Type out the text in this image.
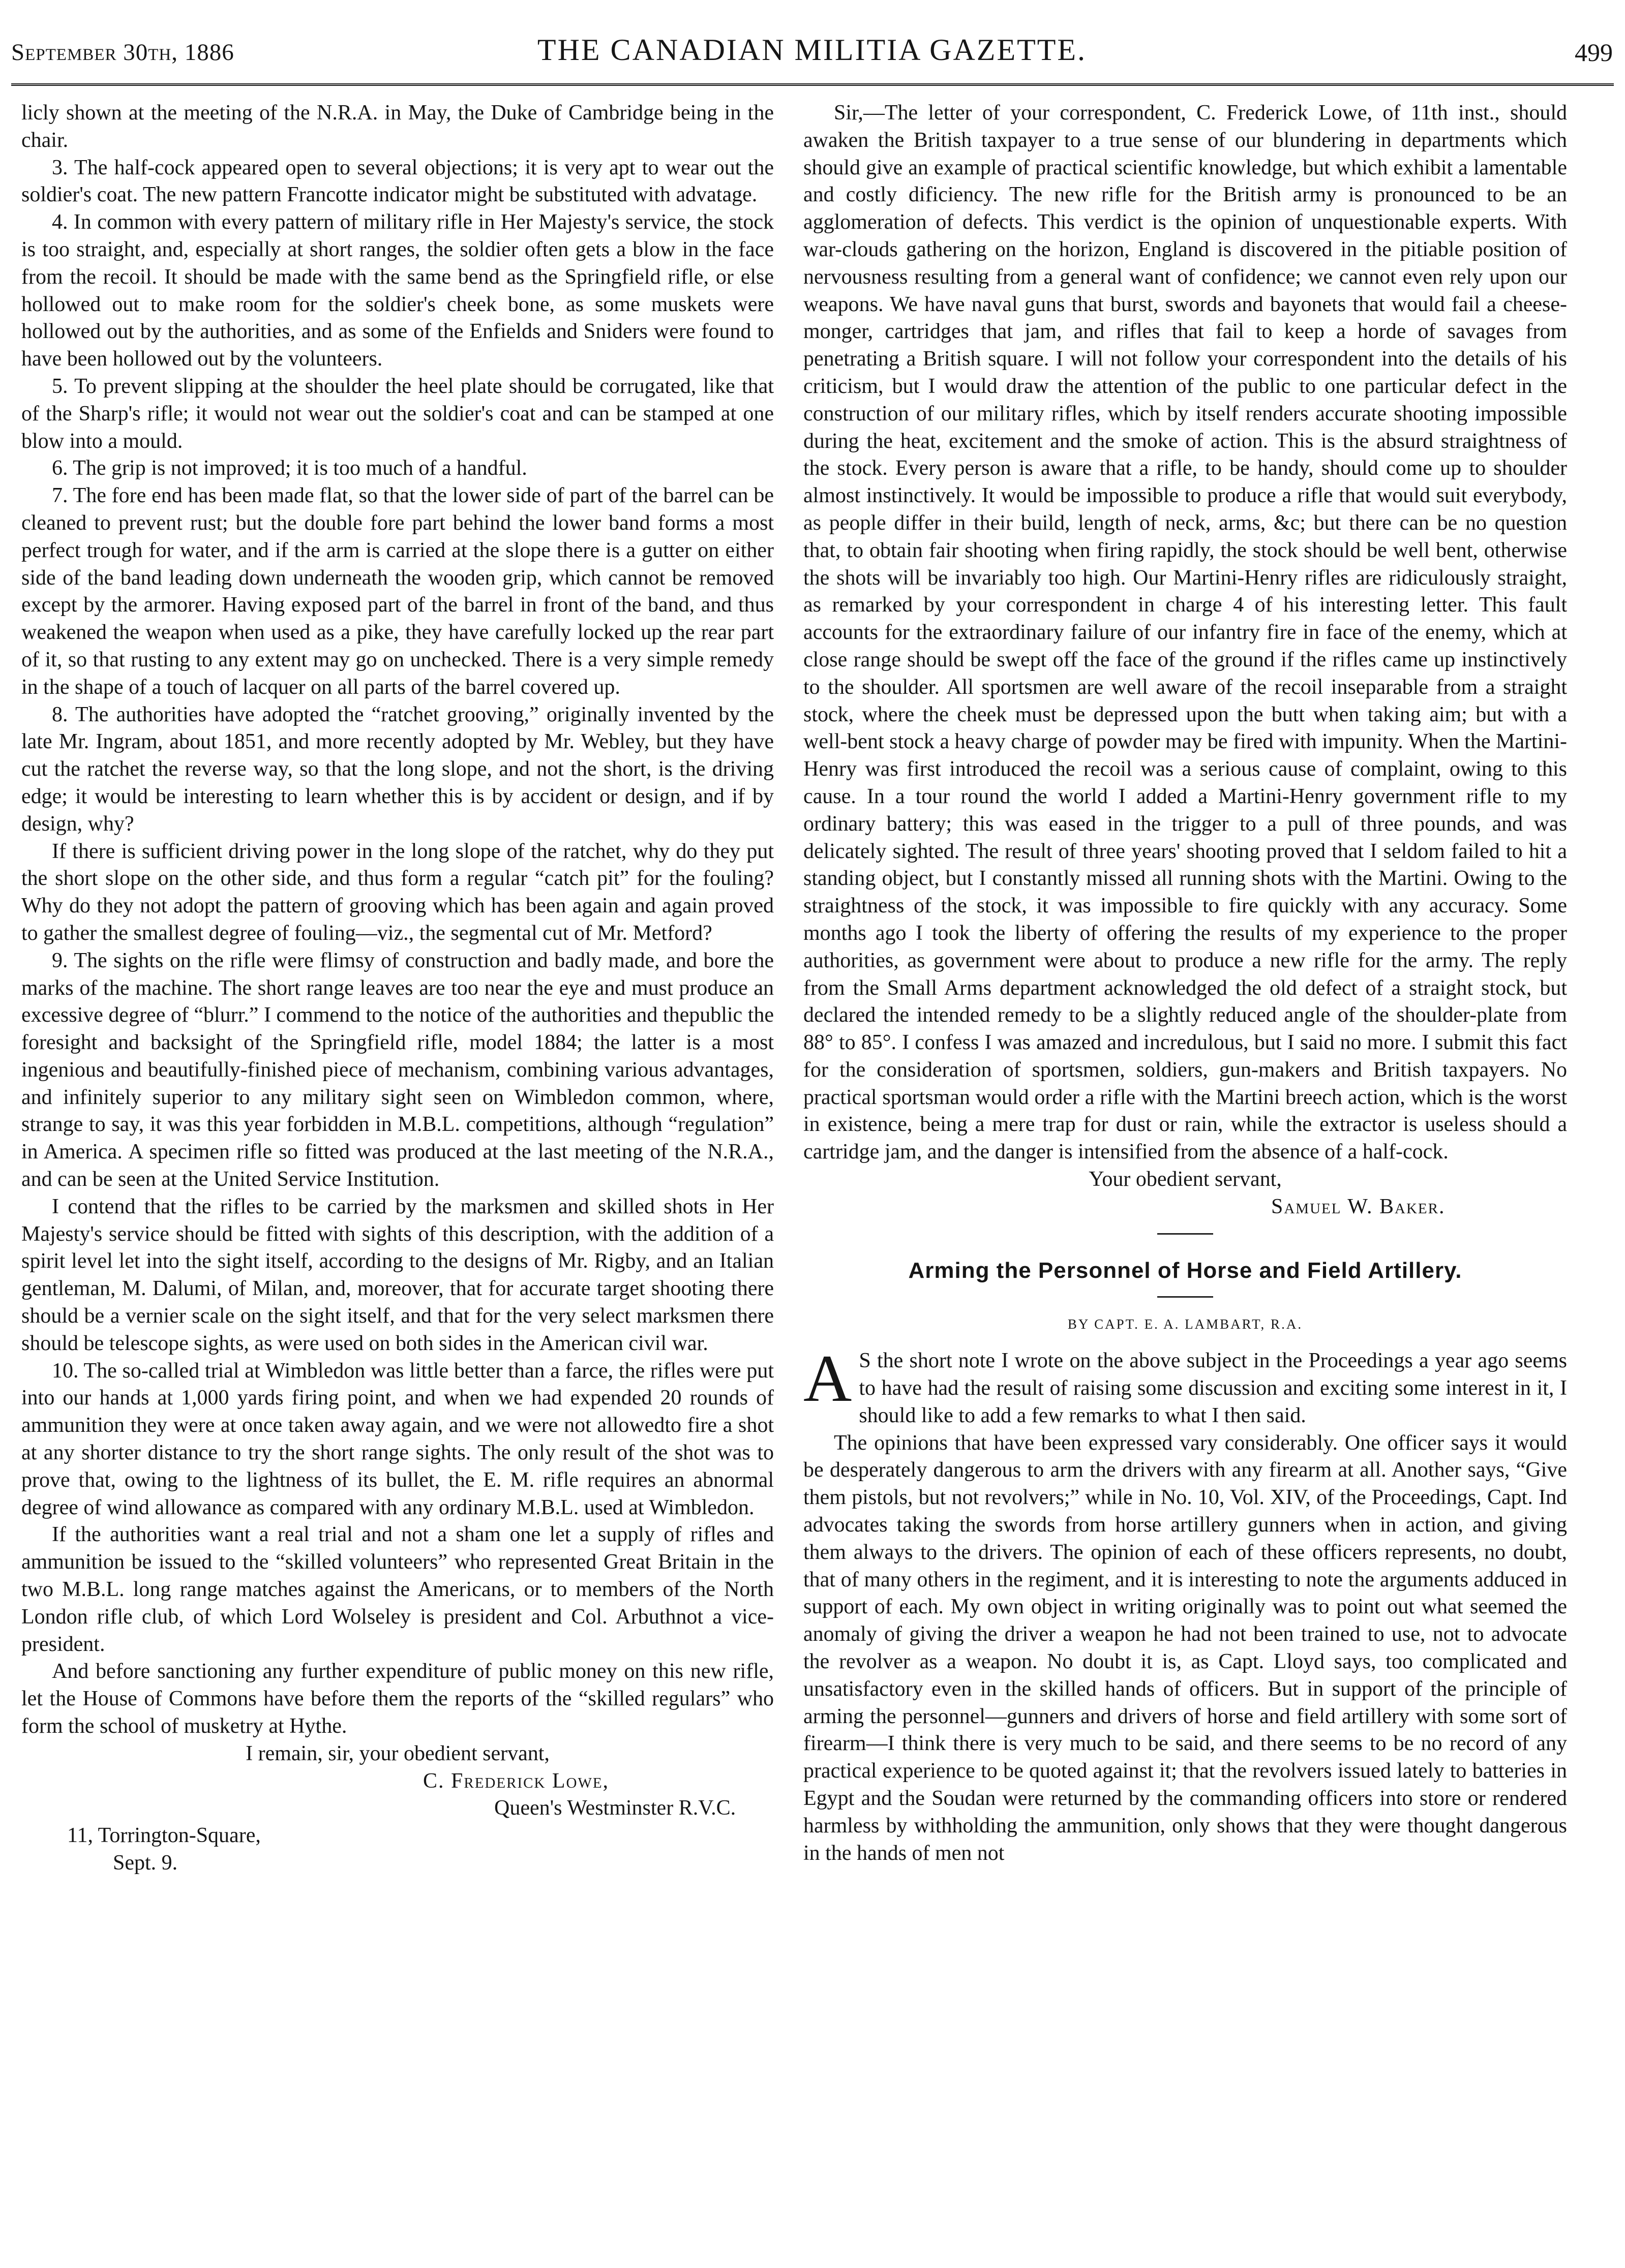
September 30th, 1886	THE CANADIAN MILITIA GAZETTE.	499

licly shown at the meeting of the N.R.A. in May, the Duke of Cambridge being in the chair.

3. The half-cock appeared open to several objections; it is very apt to wear out the soldier's coat. The new pattern Francotte indicator might be substituted with advatage.

4. In common with every pattern of military rifle in Her Majesty's service, the stock is too straight, and, especially at short ranges, the soldier often gets a blow in the face from the recoil. It should be made with the same bend as the Springfield rifle, or else hollowed out to make room for the soldier's cheek bone, as some muskets were hollowed out by the authorities, and as some of the Enfields and Sniders were found to have been hollowed out by the volunteers.

5. To prevent slipping at the shoulder the heel plate should be corrugated, like that of the Sharp's rifle; it would not wear out the soldier's coat and can be stamped at one blow into a mould.

6. The grip is not improved; it is too much of a handful.

7. The fore end has been made flat, so that the lower side of part of the barrel can be cleaned to prevent rust; but the double fore part behind the lower band forms a most perfect trough for water, and if the arm is carried at the slope there is a gutter on either side of the band leading down underneath the wooden grip, which cannot be removed except by the armorer. Having exposed part of the barrel in front of the band, and thus weakened the weapon when used as a pike, they have carefully locked up the rear part of it, so that rusting to any extent may go on unchecked. There is a very simple remedy in the shape of a touch of lacquer on all parts of the barrel covered up.

8. The authorities have adopted the “ratchet grooving,” originally invented by the late Mr. Ingram, about 1851, and more recently adopted by Mr. Webley, but they have cut the ratchet the reverse way, so that the long slope, and not the short, is the driving edge; it would be interesting to learn whether this is by accident or design, and if by design, why?

If there is sufficient driving power in the long slope of the ratchet, why do they put the short slope on the other side, and thus form a regular “catch pit” for the fouling? Why do they not adopt the pattern of grooving which has been again and again proved to gather the smallest degree of fouling—viz., the segmental cut of Mr. Metford?

9. The sights on the rifle were flimsy of construction and badly made, and bore the marks of the machine. The short range leaves are too near the eye and must produce an excessive degree of “blurr.” I commend to the notice of the authorities and thepublic the foresight and backsight of the Springfield rifle, model 1884; the latter is a most ingenious and beautifully-finished piece of mechanism, combining various advantages, and infinitely superior to any military sight seen on Wimbledon common, where, strange to say, it was this year forbidden in M.B.L. competitions, although “regulation” in America. A specimen rifle so fitted was produced at the last meeting of the N.R.A., and can be seen at the United Service Institution.

I contend that the rifles to be carried by the marksmen and skilled shots in Her Majesty's service should be fitted with sights of this description, with the addition of a spirit level let into the sight itself, according to the designs of Mr. Rigby, and an Italian gentleman, M. Dalumi, of Milan, and, moreover, that for accurate target shooting there should be a vernier scale on the sight itself, and that for the very select marksmen there should be telescope sights, as were used on both sides in the American civil war.

10. The so-called trial at Wimbledon was little better than a farce, the rifles were put into our hands at 1,000 yards firing point, and when we had expended 20 rounds of ammunition they were at once taken away again, and we were not allowedto fire a shot at any shorter distance to try the short range sights. The only result of the shot was to prove that, owing to the lightness of its bullet, the E. M. rifle requires an abnormal degree of wind allowance as compared with any ordinary M.B.L. used at Wimbledon.

If the authorities want a real trial and not a sham one let a supply of rifles and ammunition be issued to the “skilled volunteers” who represented Great Britain in the two M.B.L. long range matches against the Americans, or to members of the North London rifle club, of which Lord Wolseley is president and Col. Arbuthnot a vice-president.

And before sanctioning any further expenditure of public money on this new rifle, let the House of Commons have before them the reports of the “skilled regulars” who form the school of musketry at Hythe.

I remain, sir, your obedient servant,

C. Frederick Lowe,

Queen's Westminster R.V.C.

11, Torrington-Square,

Sept. 9.

Sir,—The letter of your correspondent, C. Frederick Lowe, of 11th inst., should awaken the British taxpayer to a true sense of our blundering in departments which should give an example of practical scientific knowledge, but which exhibit a lamentable and costly dificiency. The new rifle for the British army is pronounced to be an agglomeration of defects. This verdict is the opinion of unquestionable experts. With war-clouds gathering on the horizon, England is discovered in the pitiable position of nervousness resulting from a general want of confidence; we cannot even rely upon our weapons. We have naval guns that burst, swords and bayonets that would fail a cheese-monger, cartridges that jam, and rifles that fail to keep a horde of savages from penetrating a British square. I will not follow your correspondent into the details of his criticism, but I would draw the attention of the public to one particular defect in the construction of our military rifles, which by itself renders accurate shooting impossible during the heat, excitement and the smoke of action. This is the absurd straightness of the stock. Every person is aware that a rifle, to be handy, should come up to shoulder almost instinctively. It would be impossible to produce a rifle that would suit everybody, as people differ in their build, length of neck, arms, &c; but there can be no question that, to obtain fair shooting when firing rapidly, the stock should be well bent, otherwise the shots will be invariably too high. Our Martini-Henry rifles are ridiculously straight, as remarked by your correspondent in charge 4 of his interesting letter. This fault accounts for the extraordinary failure of our infantry fire in face of the enemy, which at close range should be swept off the face of the ground if the rifles came up instinctively to the shoulder. All sportsmen are well aware of the recoil inseparable from a straight stock, where the cheek must be depressed upon the butt when taking aim; but with a well-bent stock a heavy charge of powder may be fired with impunity. When the Martini-Henry was first introduced the recoil was a serious cause of complaint, owing to this cause. In a tour round the world I added a Martini-Henry government rifle to my ordinary battery; this was eased in the trigger to a pull of three pounds, and was delicately sighted. The result of three years' shooting proved that I seldom failed to hit a standing object, but I constantly missed all running shots with the Martini. Owing to the straightness of the stock, it was impossible to fire quickly with any accuracy. Some months ago I took the liberty of offering the results of my experience to the proper authorities, as government were about to produce a new rifle for the army. The reply from the Small Arms department acknowledged the old defect of a straight stock, but declared the intended remedy to be a slightly reduced angle of the shoulder-plate from 88° to 85°. I confess I was amazed and incredulous, but I said no more. I submit this fact for the consideration of sportsmen, soldiers, gun-makers and British taxpayers. No practical sportsman would order a rifle with the Martini breech action, which is the worst in existence, being a mere trap for dust or rain, while the extractor is useless should a cartridge jam, and the danger is intensified from the absence of a half-cock.

Your obedient servant,

Samuel W. Baker.

Arming the Personnel of Horse and Field Artillery.

BY CAPT. E. A. LAMBART, R.A.

A S the short note I wrote on the above subject in the Proceedings a year ago seems to have had the result of raising some discussion and exciting some interest in it, I should like to add a few remarks to what I then said.

The opinions that have been expressed vary considerably. One officer says it would be desperately dangerous to arm the drivers with any firearm at all. Another says, “Give them pistols, but not revolvers;” while in No. 10, Vol. XIV, of the Proceedings, Capt. Ind advocates taking the swords from horse artillery gunners when in action, and giving them always to the drivers. The opinion of each of these officers represents, no doubt, that of many others in the regiment, and it is interesting to note the arguments adduced in support of each. My own object in writing originally was to point out what seemed the anomaly of giving the driver a weapon he had not been trained to use, not to advocate the revolver as a weapon. No doubt it is, as Capt. Lloyd says, too complicated and unsatisfactory even in the skilled hands of officers. But in support of the principle of arming the personnel—gunners and drivers of horse and field artillery with some sort of firearm—I think there is very much to be said, and there seems to be no record of any practical experience to be quoted against it; that the revolvers issued lately to batteries in Egypt and the Soudan were returned by the commanding officers into store or rendered harmless by withholding the ammunition, only shows that they were thought dangerous in the hands of men not
